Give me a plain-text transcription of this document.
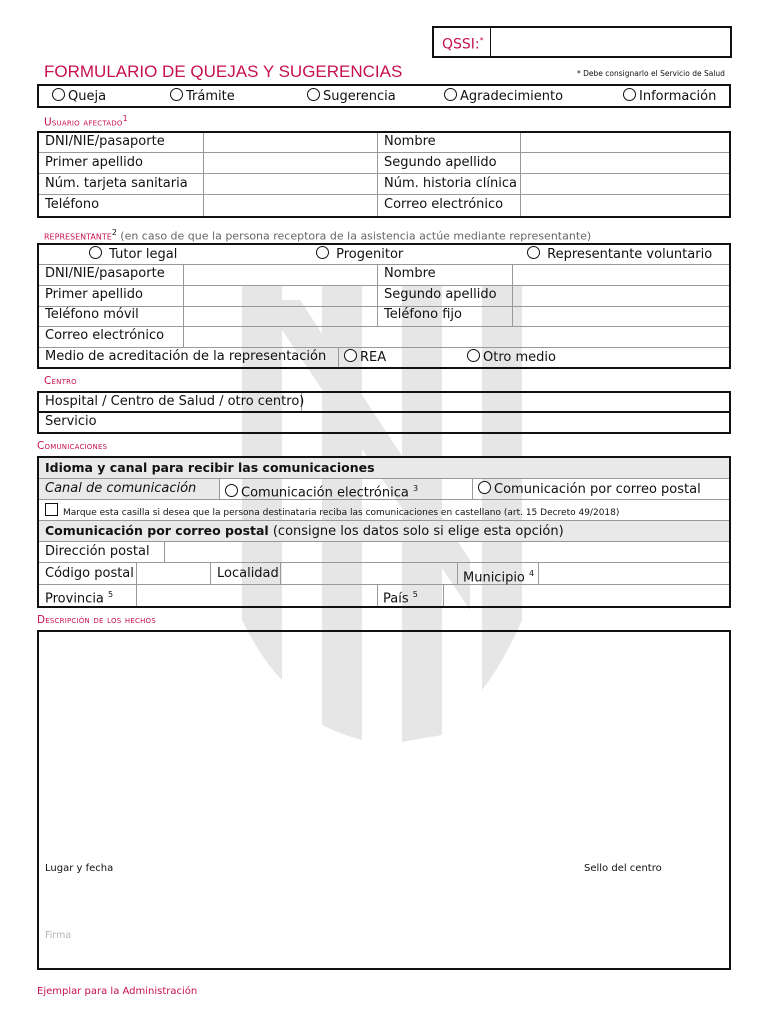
QSSI:*
FORMULARIO DE QUEJAS Y SUGERENCIAS	* Debe consignarlo el Servicio de Salud
Queja	Trámite	Sugerencia	Agradecimiento	Información
Usuario afectado$^1$
DNI/NIE/pasaporte	Nombre
Primer apellido	Segundo apellido
Núm. tarjeta sanitaria	Núm. historia clínica
Teléfono	Correo electrónico
representante$^2$ (en caso de que la persona receptora de la asistencia actúe mediante representante)
Tutor legal	Progenitor	Representante voluntario
DNI/NIE/pasaporte	Nombre
Primer apellido	Segundo apellido
Teléfono móvil	Teléfono fijo
Correo electrónico
Medio de acreditación de la representación	REA	Otro medio
Centro
Hospital / Centro de Salud / otro centro)
Servicio
Comunicaciones
Idioma y canal para recibir las comunicaciones
Canal de comunicación	Comunicación electrónica $^3$	Comunicación por correo postal
Marque esta casilla si desea que la persona destinataria reciba las comunicaciones en castellano (art. 15 Decreto 49/2018)
Comunicación por correo postal (consigne los datos solo si elige esta opción)
Dirección postal
Código postal	Localidad	Municipio $^4$
Provincia $^5$	País $^5$
Descripción de los hechos
Lugar y fecha	Sello del centro
Firma
Ejemplar para la Administración
